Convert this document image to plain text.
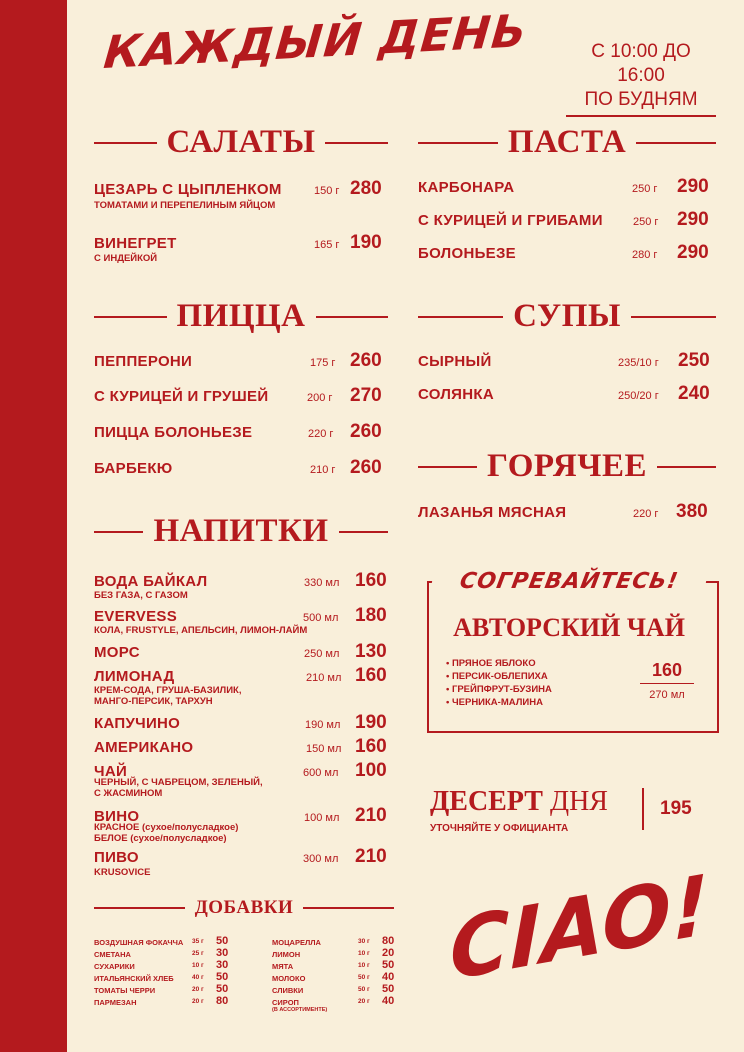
КАЖДЫЙ ДЕНЬ	С 10:00 ДО 16:00
ПО БУДНЯМ
САЛАТЫ
ЦЕЗАРЬ С ЦЫПЛЕНКОМ
ТОМАТАМИ И ПЕРЕПЕЛИНЫМ ЯЙЦОМ
150 г 280
ВИНЕГРЕТ
С ИНДЕЙКОЙ
165 г 190
ПИЦЦА
ПЕППЕРОНИ	175 г 260
С КУРИЦЕЙ И ГРУШЕЙ	200 г 270
ПИЦЦА БОЛОНЬЕЗЕ	220 г 260
БАРБЕКЮ	210 г 260
НАПИТКИ
ВОДА БАЙКАЛ
БЕЗ ГАЗА, С ГАЗОМ
330 мл 160
EVERVESS
КОЛА, FRUSTYLE, АПЕЛЬСИН, ЛИМОН-ЛАЙМ
500 мл 180
МОРС	250 мл 130
ЛИМОНАД
КРЕМ-СОДА, ГРУША-БАЗИЛИК,
МАНГО-ПЕРСИК, ТАРХУН
210 мл 160
КАПУЧИНО	190 мл 190
АМЕРИКАНО	150 мл 160
ЧАЙ
ЧЕРНЫЙ, С ЧАБРЕЦОМ, ЗЕЛЕНЫЙ,
С ЖАСМИНОМ
600 мл 100
ВИНО
КРАСНОЕ (сухое/полусладкое)
БЕЛОЕ (сухое/полусладкое)
100 мл 210
ПИВО
KRUSOVICE
300 мл 210
ДОБАВКИ
ВОЗДУШНАЯ ФОКАЧЧА 35 г 50
СМЕТАНА	25 г 30
СУХАРИКИ	10 г 30
ИТАЛЬЯНСКИЙ ХЛЕБ	40 г 50
ТОМАТЫ ЧЕРРИ	20 г 50
ПАРМЕЗАН	20 г 80
МОЦАРЕЛЛА	30 г 80
ЛИМОН	10 г 20
МЯТА	10 г 50
МОЛОКО	50 г 40
СЛИВКИ	50 г 50
СИРОП
(В АССОРТИМЕНТЕ)
20 г 40
ПАСТА
КАРБОНАРА	250 г 290
С КУРИЦЕЙ И ГРИБАМИ	250 г 290
БОЛОНЬЕЗЕ	280 г 290
СУПЫ
СЫРНЫЙ	235/10 г 250
СОЛЯНКА	250/20 г 240
ГОРЯЧЕЕ
ЛАЗАНЬЯ МЯСНАЯ	220 г 380
СОГРЕВАЙТЕСЬ!
АВТОРСКИЙ ЧАЙ
• ПРЯНОЕ ЯБЛОКО
• ПЕРСИК-ОБЛЕПИХА
• ГРЕЙПФРУТ-БУЗИНА
• ЧЕРНИКА-МАЛИНА
160
270 мл
ДЕСЕРТ ДНЯ
УТОЧНЯЙТЕ У ОФИЦИАНТА
195
CIAO!
